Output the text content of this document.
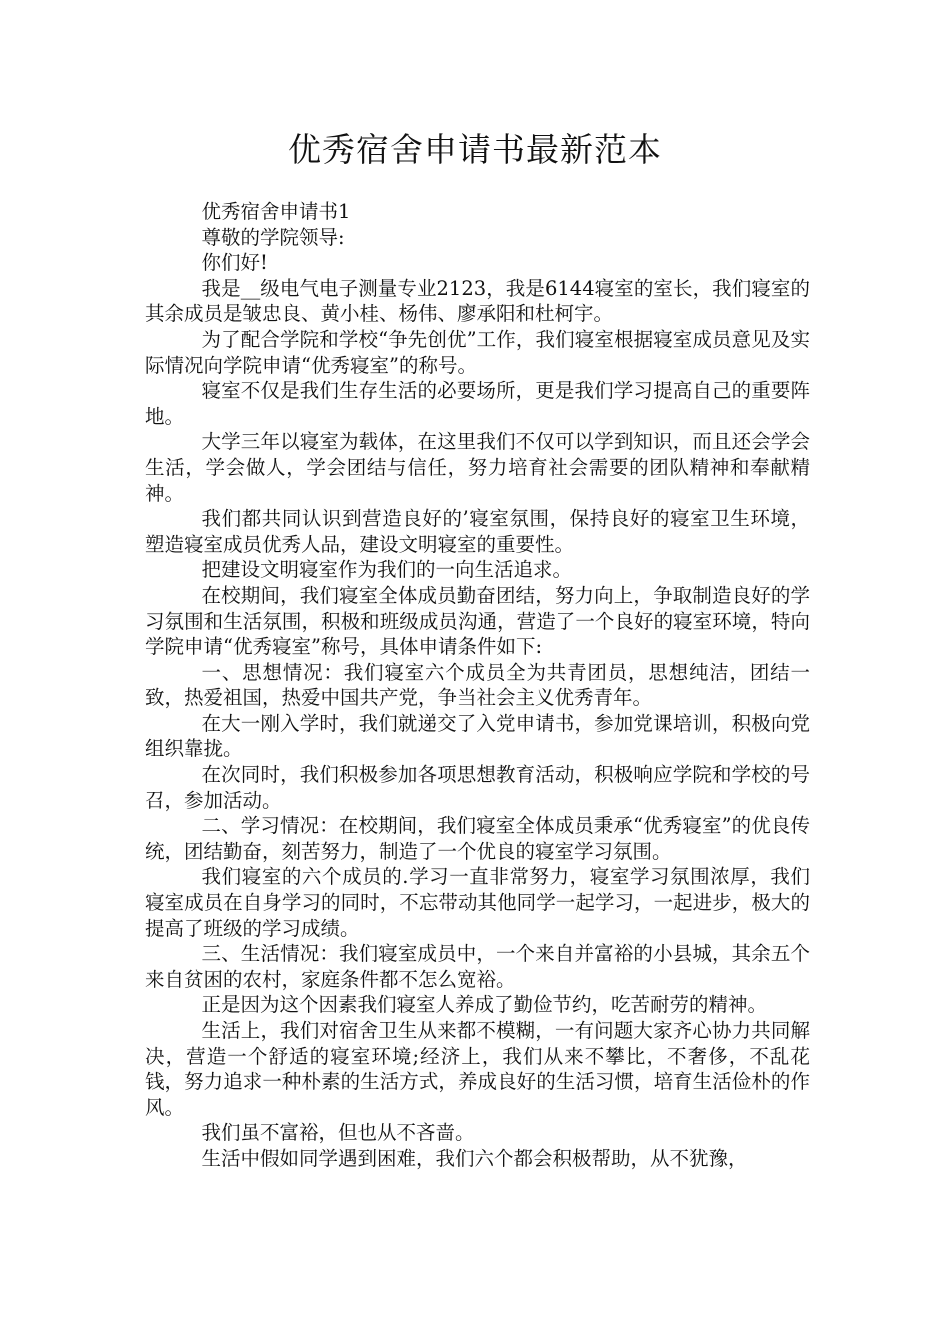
优秀宿舍申请书最新范本

优秀宿舍申请书1

尊敬的学院领导:

你们好!

我是__级电气电子测量专业2123，我是6144寝室的室长，我们寝室的其余成员是皱忠良、黄小桂、杨伟、廖承阳和杜柯宇。

为了配合学院和学校“争先创优”工作，我们寝室根据寝室成员意见及实际情况向学院申请“优秀寝室”的称号。

寝室不仅是我们生存生活的必要场所，更是我们学习提高自己的重要阵地。

大学三年以寝室为载体，在这里我们不仅可以学到知识，而且还会学会生活，学会做人，学会团结与信任，努力培育社会需要的团队精神和奉献精神。

我们都共同认识到营造良好的’寝室氛围，保持良好的寝室卫生环境，塑造寝室成员优秀人品，建设文明寝室的重要性。

把建设文明寝室作为我们的一向生活追求。

在校期间，我们寝室全体成员勤奋团结，努力向上，争取制造良好的学习氛围和生活氛围，积极和班级成员沟通，营造了一个良好的寝室环境，特向学院申请“优秀寝室”称号，具体申请条件如下:

一、思想情况：我们寝室六个成员全为共青团员，思想纯洁，团结一致，热爱祖国，热爱中国共产党，争当社会主义优秀青年。

在大一刚入学时，我们就递交了入党申请书，参加党课培训，积极向党组织靠拢。

在次同时，我们积极参加各项思想教育活动，积极响应学院和学校的号召，参加活动。

二、学习情况：在校期间，我们寝室全体成员秉承“优秀寝室”的优良传统，团结勤奋，刻苦努力，制造了一个优良的寝室学习氛围。

我们寝室的六个成员的.学习一直非常努力，寝室学习氛围浓厚，我们寝室成员在自身学习的同时，不忘带动其他同学一起学习，一起进步，极大的提高了班级的学习成绩。

三、生活情况：我们寝室成员中，一个来自并富裕的小县城，其余五个来自贫困的农村，家庭条件都不怎么宽裕。

正是因为这个因素我们寝室人养成了勤俭节约，吃苦耐劳的精神。

生活上，我们对宿舍卫生从来都不模糊，一有问题大家齐心协力共同解决，营造一个舒适的寝室环境;经济上，我们从来不攀比，不奢侈，不乱花钱，努力追求一种朴素的生活方式，养成良好的生活习惯，培育生活俭朴的作风。

我们虽不富裕，但也从不吝啬。

生活中假如同学遇到困难，我们六个都会积极帮助，从不犹豫，
